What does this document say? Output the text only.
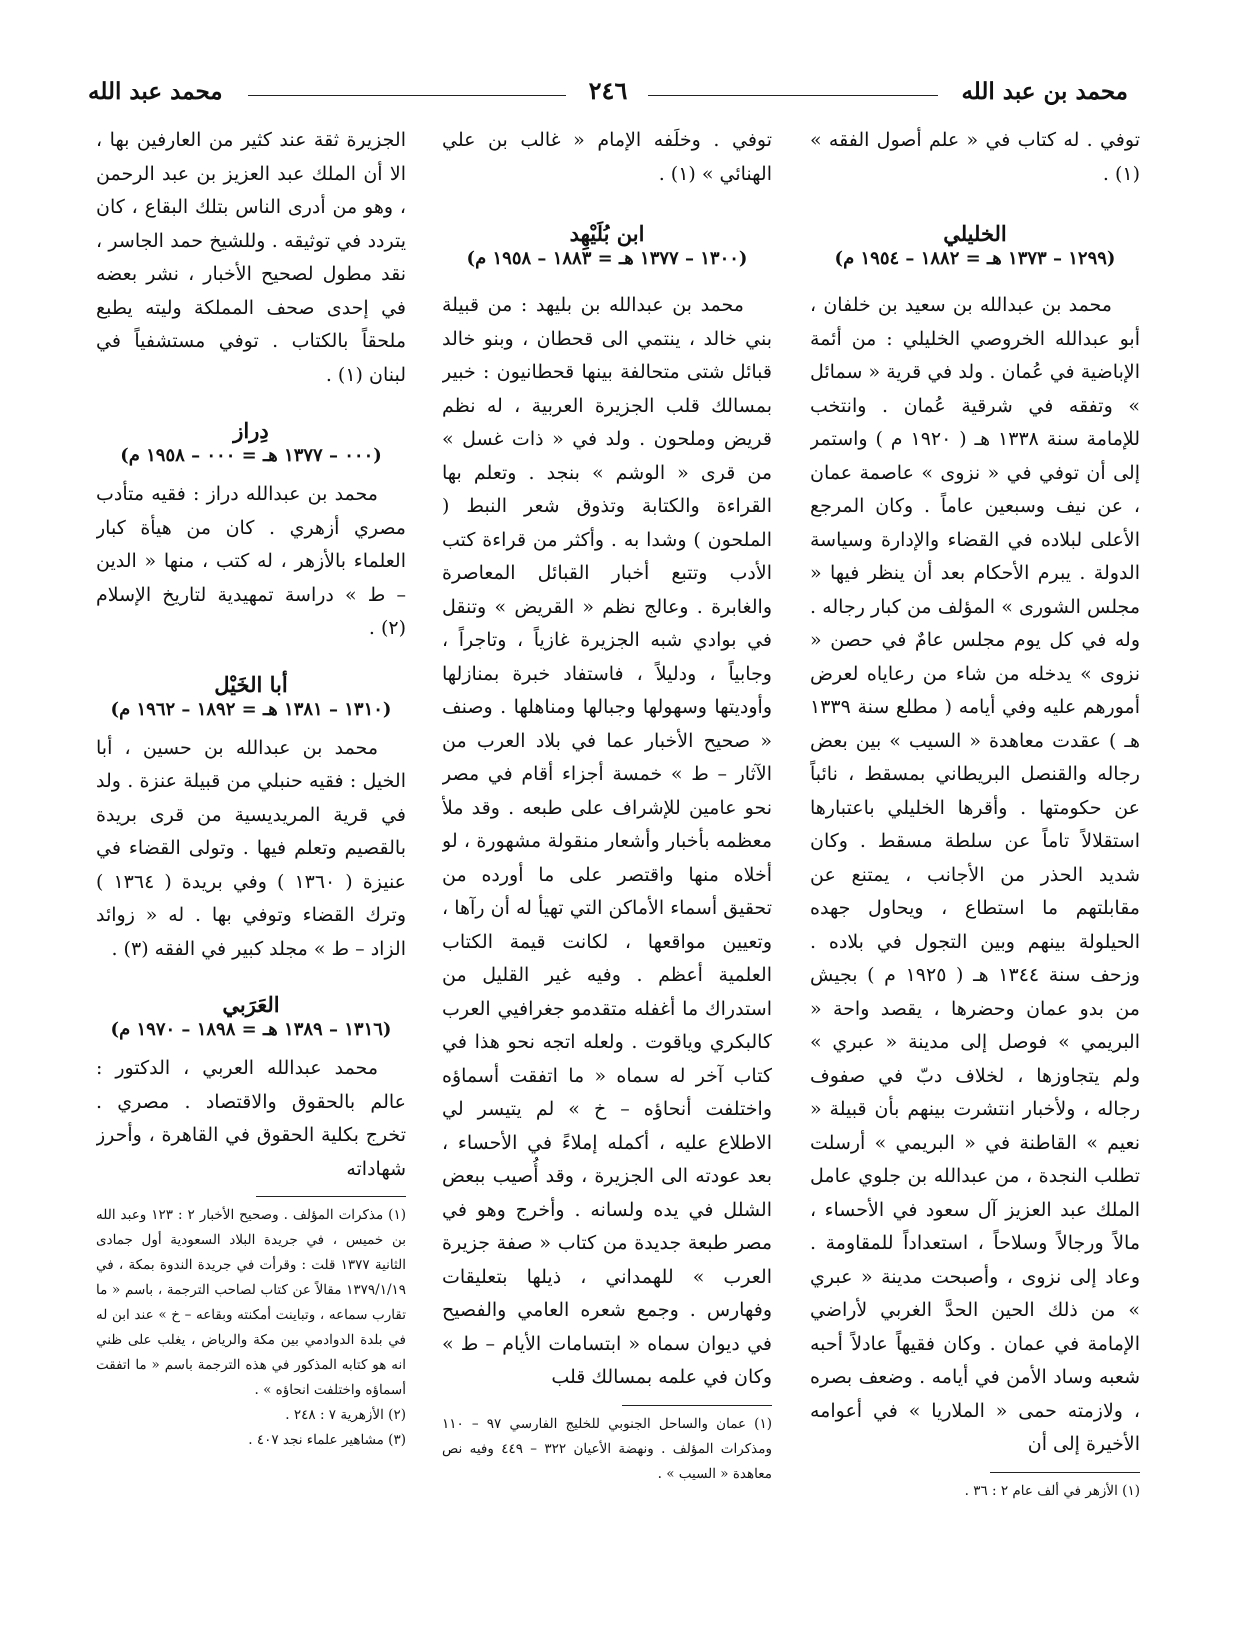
محمد بن عبد الله
٢٤٦
محمد عبد الله

توفي . له كتاب في « علم أصول الفقه » (١) .

الخليلي
(١٢٩٩ – ١٣٧٣ هـ = ١٨٨٢ – ١٩٥٤ م)

محمد بن عبدالله بن سعيد بن خلفان ، أبو عبدالله الخروصي الخليلي : من أئمة الإباضية في عُمان . ولد في قرية « سمائل » وتفقه في شرقية عُمان . وانتخب للإمامة سنة ١٣٣٨ هـ ( ١٩٢٠ م ) واستمر إلى أن توفي في « نزوى » عاصمة عمان ، عن نيف وسبعين عاماً . وكان المرجع الأعلى لبلاده في القضاء والإدارة وسياسة الدولة . يبرم الأحكام بعد أن ينظر فيها « مجلس الشورى » المؤلف من كبار رجاله . وله في كل يوم مجلس عامٌ في حصن « نزوى » يدخله من شاء من رعاياه لعرض أمورهم عليه وفي أيامه ( مطلع سنة ١٣٣٩ هـ ) عقدت معاهدة « السيب » بين بعض رجاله والقنصل البريطاني بمسقط ، نائباً عن حكومتها . وأقرها الخليلي باعتبارها استقلالاً تاماً عن سلطة مسقط . وكان شديد الحذر من الأجانب ، يمتنع عن مقابلتهم ما استطاع ، ويحاول جهده الحيلولة بينهم وبين التجول في بلاده . وزحف سنة ١٣٤٤ هـ ( ١٩٢٥ م ) بجيش من بدو عمان وحضرها ، يقصد واحة « البريمي » فوصل إلى مدينة « عبري » ولم يتجاوزها ، لخلاف دبّ في صفوف رجاله ، ولأخبار انتشرت بينهم بأن قبيلة « نعيم » القاطنة في « البريمي » أرسلت تطلب النجدة ، من عبدالله بن جلوي عامل الملك عبد العزيز آل سعود في الأحساء ، مالاً ورجالاً وسلاحاً ، استعداداً للمقاومة . وعاد إلى نزوى ، وأصبحت مدينة « عبري » من ذلك الحين الحدَّ الغربي لأراضي الإمامة في عمان . وكان فقيهاً عادلاً أحبه شعبه وساد الأمن في أيامه . وضعف بصره ، ولازمته حمى « الملاريا » في أعوامه الأخيرة إلى أن

(١) الأزهر في ألف عام ٢ : ٣٦ .

توفي . وخلَفه الإمام « غالب بن علي الهنائي » (١) .

ابن بُلَيْهِد
(١٣٠٠ – ١٣٧٧ هـ = ١٨٨٣ – ١٩٥٨ م)

محمد بن عبدالله بن بليهد : من قبيلة بني خالد ، ينتمي الى قحطان ، وبنو خالد قبائل شتى متحالفة بينها قحطانيون : خبير بمسالك قلب الجزيرة العربية ، له نظم قريض وملحون . ولد في « ذات غسل » من قرى « الوشم » بنجد . وتعلم بها القراءة والكتابة وتذوق شعر النبط ( الملحون ) وشدا به . وأكثر من قراءة كتب الأدب وتتبع أخبار القبائل المعاصرة والغابرة . وعالج نظم « القريض » وتنقل في بوادي شبه الجزيرة غازياً ، وتاجراً ، وجابياً ، ودليلاً ، فاستفاد خبرة بمنازلها وأوديتها وسهولها وجبالها ومناهلها . وصنف « صحيح الأخبار عما في بلاد العرب من الآثار – ط » خمسة أجزاء أقام في مصر نحو عامين للإشراف على طبعه . وقد ملأ معظمه بأخبار وأشعار منقولة مشهورة ، لو أخلاه منها واقتصر على ما أورده من تحقيق أسماء الأماكن التي تهيأ له أن رآها ، وتعيين مواقعها ، لكانت قيمة الكتاب العلمية أعظم . وفيه غير القليل من استدراك ما أغفله متقدمو جغرافيي العرب كالبكري وياقوت . ولعله اتجه نحو هذا في كتاب آخر له سماه « ما اتفقت أسماؤه واختلفت أنحاؤه – خ » لم يتيسر لي الاطلاع عليه ، أكمله إملاءً في الأحساء ، بعد عودته الى الجزيرة ، وقد أُصيب ببعض الشلل في يده ولسانه . وأخرج وهو في مصر طبعة جديدة من كتاب « صفة جزيرة العرب » للهمداني ، ذيلها بتعليقات وفهارس . وجمع شعره العامي والفصيح في ديوان سماه « ابتسامات الأيام – ط » وكان في علمه بمسالك قلب

(١) عمان والساحل الجنوبي للخليج الفارسي ٩٧ – ١١٠ ومذكرات المؤلف . ونهضة الأعيان ٣٢٢ – ٤٤٩ وفيه نص معاهدة « السيب » .

الجزيرة ثقة عند كثير من العارفين بها ، الا أن الملك عبد العزيز بن عبد الرحمن ، وهو من أدرى الناس بتلك البقاع ، كان يتردد في توثيقه . وللشيخ حمد الجاسر ، نقد مطول لصحيح الأخبار ، نشر بعضه في إحدى صحف المملكة وليته يطبع ملحقاً بالكتاب . توفي مستشفياً في لبنان (١) .

دِراز
(٠٠٠ – ١٣٧٧ هـ = ٠٠٠ – ١٩٥٨ م)

محمد بن عبدالله دراز : فقيه متأدب مصري أزهري . كان من هيأة كبار العلماء بالأزهر ، له كتب ، منها « الدين – ط » دراسة تمهيدية لتاريخ الإسلام (٢) .

أبا الخَيْل
(١٣١٠ – ١٣٨١ هـ = ١٨٩٢ – ١٩٦٢ م)

محمد بن عبدالله بن حسين ، أبا الخيل : فقيه حنبلي من قبيلة عنزة . ولد في قرية المريديسية من قرى بريدة بالقصيم وتعلم فيها . وتولى القضاء في عنيزة ( ١٣٦٠ ) وفي بريدة ( ١٣٦٤ ) وترك القضاء وتوفي بها . له « زوائد الزاد – ط » مجلد كبير في الفقه (٣) .

العَرَبي
(١٣١٦ – ١٣٨٩ هـ = ١٨٩٨ – ١٩٧٠ م)

محمد عبدالله العربي ، الدكتور : عالم بالحقوق والاقتصاد . مصري . تخرج بكلية الحقوق في القاهرة ، وأحرز شهاداته

(١) مذكرات المؤلف . وصحيح الأخبار ٢ : ١٢٣ وعبد الله بن خميس ، في جريدة البلاد السعودية أول جمادى الثانية ١٣٧٧ قلت : وقرأت في جريدة الندوة بمكة ، في ١٣٧٩/١/١٩ مقالاً عن كتاب لصاحب الترجمة ، باسم « ما تقارب سماعه ، وتباينت أمكنته وبقاعه – خ » عند ابن له في بلدة الدوادمي بين مكة والرياض ، يغلب على ظني انه هو كتابه المذكور في هذه الترجمة باسم « ما اتفقت أسماؤه واختلفت انحاؤه » .

(٢) الأزهرية ٧ : ٢٤٨ .

(٣) مشاهير علماء نجد ٤٠٧ .
